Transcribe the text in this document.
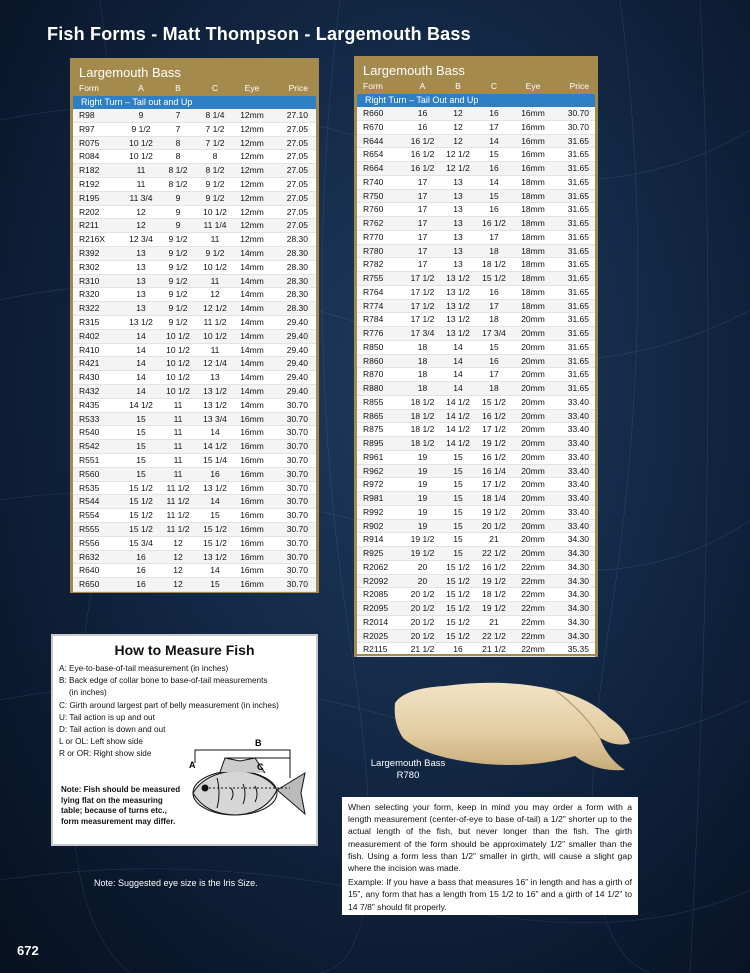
Fish Forms - Matt Thompson - Largemouth Bass
Largemouth Bass
Form	A	B	C	Eye	Price
Right Turn – Tail out and Up
R98	9	7	8 1/4	12mm	27.10
R97	9 1/2	7	7 1/2	12mm	27.05
R075	10 1/2	8	7 1/2	12mm	27.05
R084	10 1/2	8	8	12mm	27.05
R182	11	8 1/2	8 1/2	12mm	27.05
R192	11	8 1/2	9 1/2	12mm	27.05
R195	11 3/4	9	9 1/2	12mm	27.05
R202	12	9	10 1/2	12mm	27.05
R211	12	9	11 1/4	12mm	27.05
R216X	12 3/4	9 1/2	11	12mm	28.30
R392	13	9 1/2	9 1/2	14mm	28.30
R302	13	9 1/2	10 1/2	14mm	28.30
R310	13	9 1/2	11	14mm	28.30
R320	13	9 1/2	12	14mm	28.30
R322	13	9 1/2	12 1/2	14mm	28.30
R315	13 1/2	9 1/2	11 1/2	14mm	29.40
R402	14	10 1/2	10 1/2	14mm	29.40
R410	14	10 1/2	11	14mm	29.40
R421	14	10 1/2	12 1/4	14mm	29.40
R430	14	10 1/2	13	14mm	29.40
R432	14	10 1/2	13 1/2	14mm	29.40
R435	14 1/2	11	13 1/2	14mm	30.70
R533	15	11	13 3/4	16mm	30.70
R540	15	11	14	16mm	30.70
R542	15	11	14 1/2	16mm	30.70
R551	15	11	15 1/4	16mm	30.70
R560	15	11	16	16mm	30.70
R535	15 1/2	11 1/2	13 1/2	16mm	30.70
R544	15 1/2	11 1/2	14	16mm	30.70
R554	15 1/2	11 1/2	15	16mm	30.70
R555	15 1/2	11 1/2	15 1/2	16mm	30.70
R556	15 3/4	12	15 1/2	16mm	30.70
R632	16	12	13 1/2	16mm	30.70
R640	16	12	14	16mm	30.70
R650	16	12	15	16mm	30.70
Largemouth Bass
Form	A	B	C	Eye	Price
Right Turn – Tail Out and Up
R660	16	12	16	16mm	30.70
R670	16	12	17	16mm	30.70
R644	16 1/2	12	14	16mm	31.65
R654	16 1/2	12 1/2	15	16mm	31.65
R664	16 1/2	12 1/2	16	16mm	31.65
R740	17	13	14	18mm	31.65
R750	17	13	15	18mm	31.65
R760	17	13	16	18mm	31.65
R762	17	13	16 1/2	18mm	31.65
R770	17	13	17	18mm	31.65
R780	17	13	18	18mm	31.65
R782	17	13	18 1/2	18mm	31.65
R755	17 1/2	13 1/2	15 1/2	18mm	31.65
R764	17 1/2	13 1/2	16	18mm	31.65
R774	17 1/2	13 1/2	17	18mm	31.65
R784	17 1/2	13 1/2	18	20mm	31.65
R776	17 3/4	13 1/2	17 3/4	20mm	31.65
R850	18	14	15	20mm	31.65
R860	18	14	16	20mm	31.65
R870	18	14	17	20mm	31.65
R880	18	14	18	20mm	31.65
R855	18 1/2	14 1/2	15 1/2	20mm	33.40
R865	18 1/2	14 1/2	16 1/2	20mm	33.40
R875	18 1/2	14 1/2	17 1/2	20mm	33.40
R895	18 1/2	14 1/2	19 1/2	20mm	33.40
R961	19	15	16 1/2	20mm	33.40
R962	19	15	16 1/4	20mm	33.40
R972	19	15	17 1/2	20mm	33.40
R981	19	15	18 1/4	20mm	33.40
R992	19	15	19 1/2	20mm	33.40
R902	19	15	20 1/2	20mm	33.40
R914	19 1/2	15	21	20mm	34.30
R925	19 1/2	15	22 1/2	20mm	34.30
R2062	20	15 1/2	16 1/2	22mm	34.30
R2092	20	15 1/2	19 1/2	22mm	34.30
R2085	20 1/2	15 1/2	18 1/2	22mm	34.30
R2095	20 1/2	15 1/2	19 1/2	22mm	34.30
R2014	20 1/2	15 1/2	21	22mm	34.30
R2025	20 1/2	15 1/2	22 1/2	22mm	34.30
R2115	21 1/2	16	21 1/2	22mm	35.35
How to Measure Fish
A: Eye-to-base-of-tail measurement (in inches)
B: Back edge of collar bone to base-of-tail measurements
(in inches)
C: Girth around largest part of belly measurement (in inches)
U: Tail action is up and out
D: Tail action is down and out
L or OL: Left show side
R or OR: Right show side
Note: Fish should be measured lying flat on the measuring table; because of turns etc., form measurement may differ.
A
B
C
Note: Suggested eye size is the Iris Size.
Largemouth Bass
R780

When selecting your form, keep in mind you may order a form with a length measurement (center-of-eye to base of-tail) a 1/2” shorter up to the actual length of the fish, but never longer than the fish. The girth measurement of the form should be approximately 1/2” smaller than the fish. Using a form less than 1/2” smaller in girth, will cause a slight gap where the incision was made.

Example: If you have a bass that measures 16” in length and has a girth of 15”, any form that has a length from 15 1/2 to 16” and a girth of 14 1/2” to 14 7/8” should fit properly.

672
